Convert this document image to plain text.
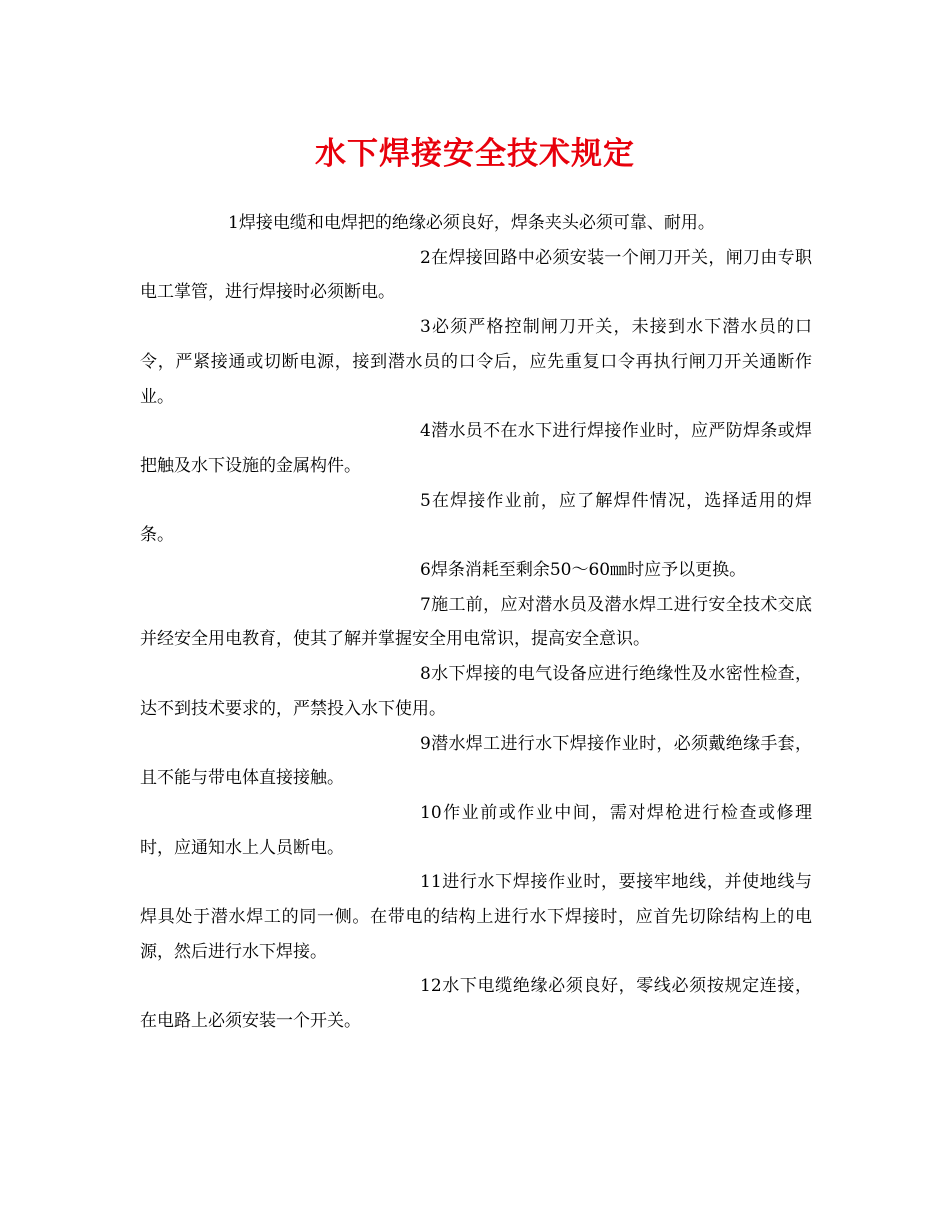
水下焊接安全技术规定

1焊接电缆和电焊把的绝缘必须良好，焊条夹头必须可靠、耐用。

2在焊接回路中必须安装一个闸刀开关，闸刀由专职电工掌管，进行焊接时必须断电。

3必须严格控制闸刀开关，未接到水下潜水员的口令，严紧接通或切断电源，接到潜水员的口令后，应先重复口令再执行闸刀开关通断作业。

4潜水员不在水下进行焊接作业时，应严防焊条或焊把触及水下设施的金属构件。

5在焊接作业前，应了解焊件情况，选择适用的焊条。

6焊条消耗至剩余50～60㎜时应予以更换。

7施工前，应对潜水员及潜水焊工进行安全技术交底并经安全用电教育，使其了解并掌握安全用电常识，提高安全意识。

8水下焊接的电气设备应进行绝缘性及水密性检查，达不到技术要求的，严禁投入水下使用。

9潜水焊工进行水下焊接作业时，必须戴绝缘手套，且不能与带电体直接接触。

10作业前或作业中间，需对焊枪进行检查或修理时，应通知水上人员断电。

11进行水下焊接作业时，要接牢地线，并使地线与焊具处于潜水焊工的同一侧。在带电的结构上进行水下焊接时，应首先切除结构上的电源，然后进行水下焊接。

12水下电缆绝缘必须良好，零线必须按规定连接，在电路上必须安装一个开关。
